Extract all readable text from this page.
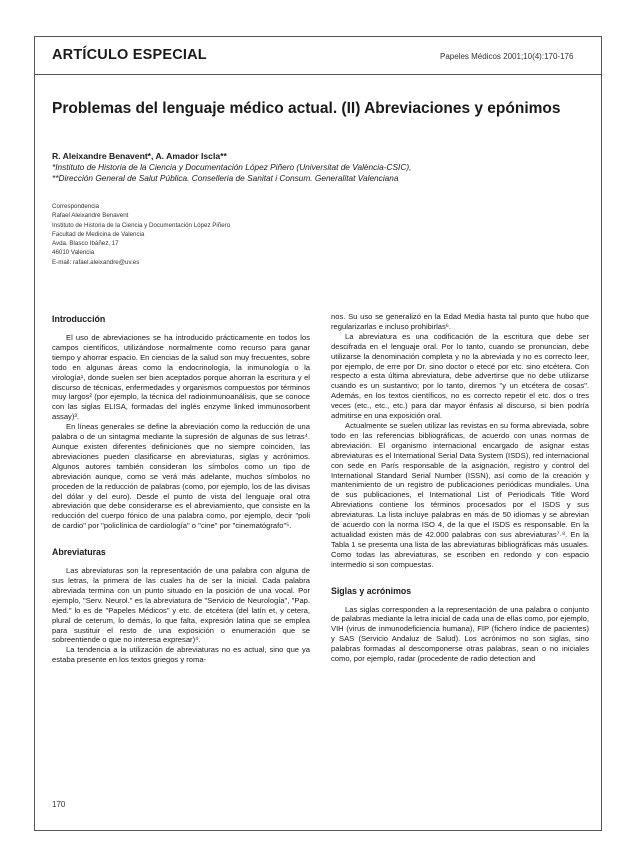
ARTÍCULO ESPECIAL	Papeles Médicos 2001;10(4):170-176
Problemas del lenguaje médico actual. (II) Abreviaciones y epónimos
R. Aleixandre Benavent*, A. Amador Iscla**
*Instituto de Historia de la Ciencia y Documentación López Piñero (Universitat de València-CSIC),
**Dirección General de Salut Pública. Conselleria de Sanitat i Consum. Generalitat Valenciana
Correspondencia
Rafael Aleixandre Benavent
Instituto de Historia de la Ciencia y Documentación López Piñero
Facultad de Medicina de Valencia
Avda. Blasco Ibáñez, 17
46010 Valencia
E-mail: rafael.aleixandre@uv.es
Introducción

El uso de abreviaciones se ha introducido prácticamente en todos los campos científicos, utilizándose normalmente como recurso para ganar tiempo y ahorrar espacio. En ciencias de la salud son muy frecuentes, sobre todo en algunas áreas como la endocrinología, la inmunología o la virología¹, donde suelen ser bien aceptados porque ahorran la escritura y el discurso de técnicas, enfermedades y organismos compuestos por términos muy largos² (por ejemplo, la técnica del radioinmunoanálisis, que se conoce con las siglas ELISA, formadas del inglés enzyme linked immunosorbent assay)³.

En líneas generales se define la abreviación como la reducción de una palabra o de un sintagma mediante la supresión de algunas de sus letras⁴. Aunque existen diferentes definiciones que no siempre coinciden, las abreviaciones pueden clasificarse en abreviaturas, siglas y acrónimos. Algunos autores también consideran los símbolos como un tipo de abreviación aunque, como se verá más adelante, muchos símbolos no proceden de la reducción de palabras (como, por ejemplo, los de las divisas del dólar y del euro). Desde el punto de vista del lenguaje oral otra abreviación que debe considerarse es el abreviamiento, que consiste en la reducción del cuerpo fónico de una palabra como, por ejemplo, decir "poli de cardio" por "policlínica de cardiología" o "cine" por "cinematógrafo"⁵.

Abreviaturas

Las abreviaturas son la representación de una palabra con alguna de sus letras, la primera de las cuales ha de ser la inicial. Cada palabra abreviada termina con un punto situado en la posición de una vocal. Por ejemplo, "Serv. Neurol." es la abreviatura de "Servicio de Neurología", "Pap. Med." lo es de "Papeles Médicos" y etc. de etcétera (del latín et, y cetera, plural de ceterum, lo demás, lo que falta, expresión latina que se emplea para sustituir el resto de una exposición o enumeración que se sobreentiende o que no interesa expresar)⁴.

La tendencia a la utilización de abreviaturas no es actual, sino que ya estaba presente en los textos griegos y roma-

nos. Su uso se generalizó en la Edad Media hasta tal punto que hubo que regularizarlas e incluso prohibirlas⁶.

La abreviatura es una codificación de la escritura que debe ser descifrada en el lenguaje oral. Por lo tanto, cuando se pronuncian, debe utilizarse la denominación completa y no la abreviada y no es correcto leer, por ejemplo, de erre por Dr. sino doctor o etecé por etc. sino etcétera. Con respecto a esta última abreviatura, debe advertirse que no debe utilizarse cuando es un sustantivo; por lo tanto, diremos "y un etcétera de cosas". Además, en los textos científicos, no es correcto repetir el etc. dos o tres veces (etc., etc., etc.) para dar mayor énfasis al discurso, si bien podría admitirse en una exposición oral.

Actualmente se suelen utilizar las revistas en su forma abreviada, sobre todo en las referencias bibliográficas, de acuerdo con unas normas de abreviación. El organismo internacional encargado de asignar estas abreviaturas es el International Serial Data System (ISDS), red internacional con sede en París responsable de la asignación, registro y control del International Standard Serial Number (ISSN), así como de la creación y mantenimiento de un registro de publicaciones periódicas mundiales. Una de sus publicaciones, el International List of Periodicals Title Word Abreviations contiene los términos procesados por el ISDS y sus abreviaturas. La lista incluye palabras en más de 50 idiomas y se abrevian de acuerdo con la norma ISO 4, de la que el ISDS es responsable. En la actualidad existen más de 42.000 palabras con sus abreviaturas⁷·⁸. En la Tabla 1 se presenta una lista de las abreviaturas bibliográficas más usuales. Como todas las abreviaturas, se escriben en redondo y con espacio intermedio si son compuestas.

Siglas y acrónimos

Las siglas corresponden a la representación de una palabra o conjunto de palabras mediante la letra inicial de cada una de ellas como, por ejemplo, VIH (virus de inmunodeficiencia humana), FIP (fichero índice de pacientes) y SAS (Servicio Andaluz de Salud). Los acrónimos no son siglas, sino palabras formadas al descomponerse otras palabras, sean o no iniciales como, por ejemplo, radar (procedente de radio detection and

170
